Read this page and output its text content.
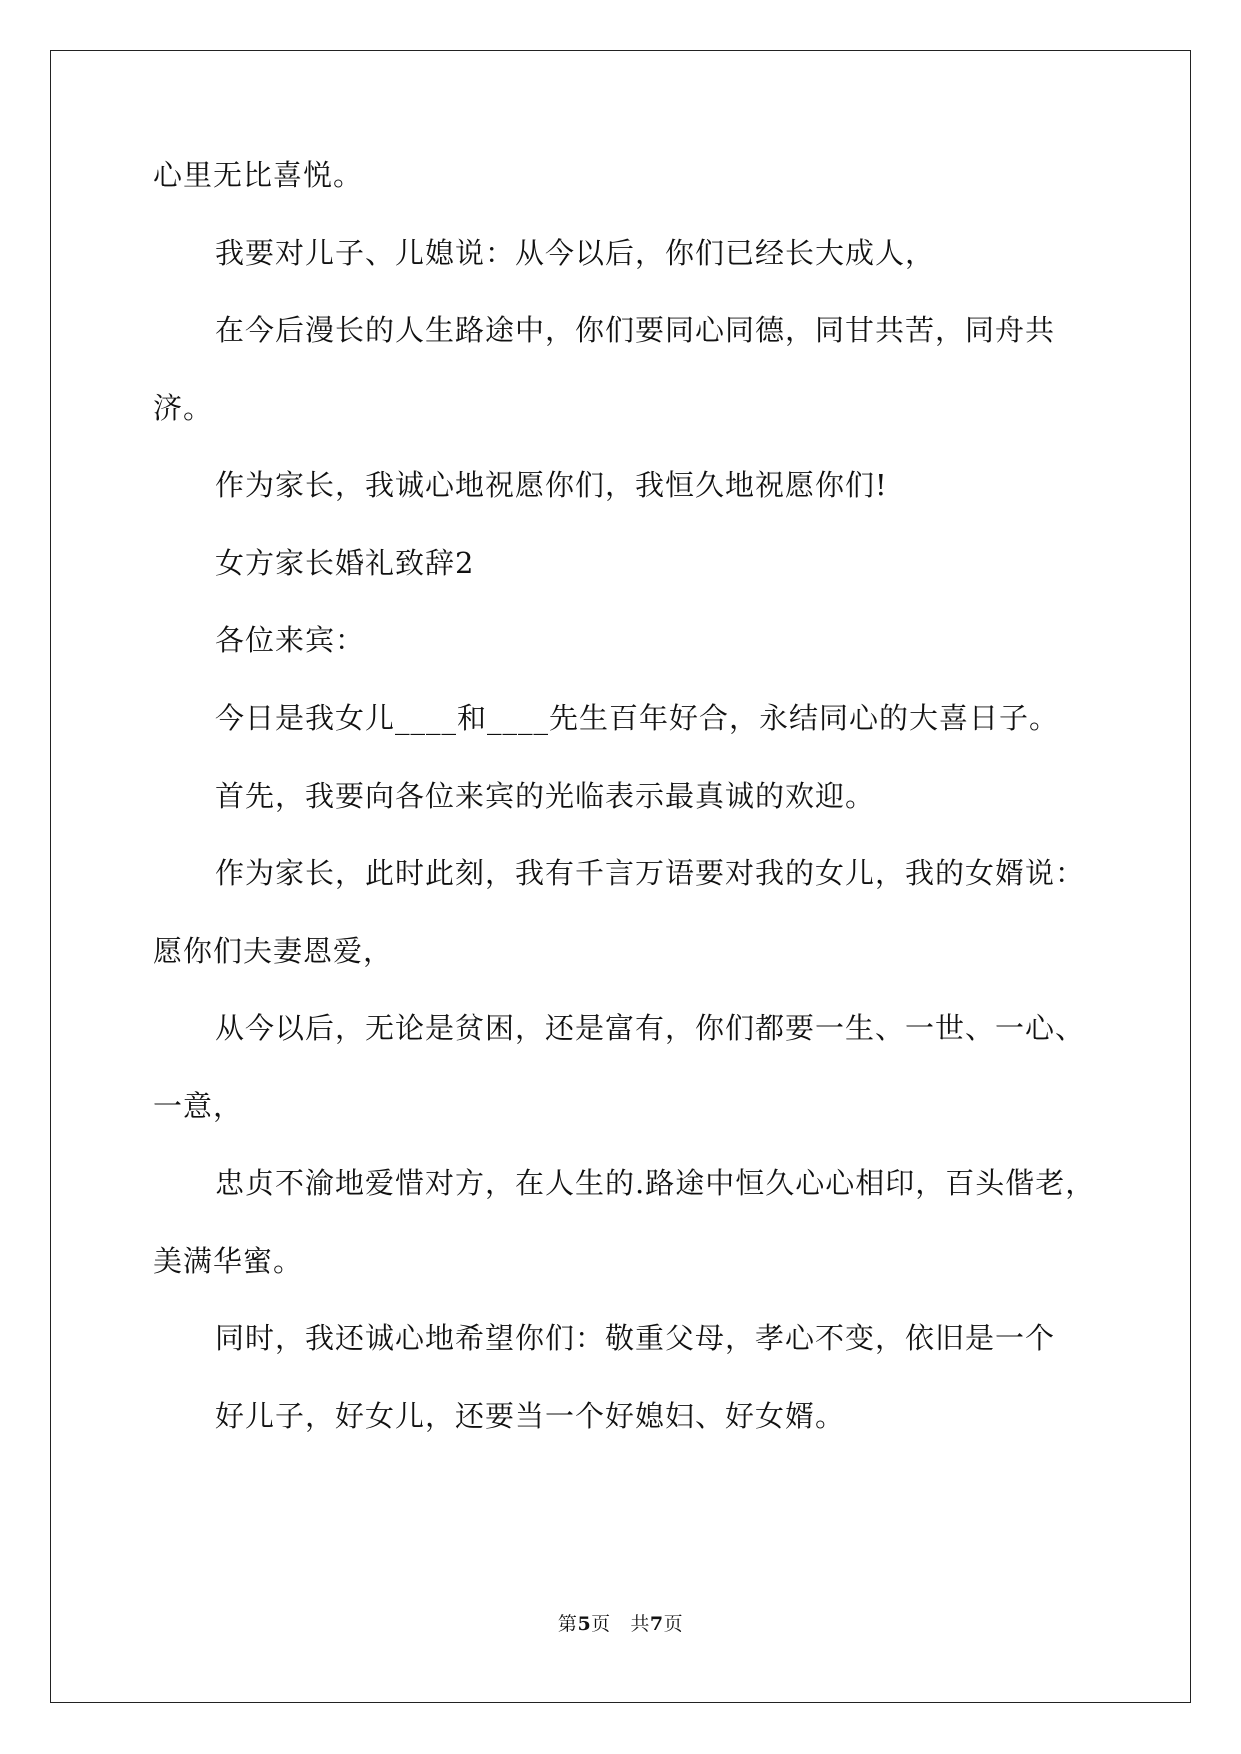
心里无比喜悦。
我要对儿子、儿媳说：从今以后，你们已经长大成人，
在今后漫长的人生路途中，你们要同心同德，同甘共苦，同舟共
济。
作为家长，我诚心地祝愿你们，我恒久地祝愿你们!
女方家长婚礼致辞2
各位来宾：
今日是我女儿____和____先生百年好合，永结同心的大喜日子。
首先，我要向各位来宾的光临表示最真诚的欢迎。
作为家长，此时此刻，我有千言万语要对我的女儿，我的女婿说：
愿你们夫妻恩爱，
从今以后，无论是贫困，还是富有，你们都要一生、一世、一心、
一意，
忠贞不渝地爱惜对方，在人生的.路途中恒久心心相印，百头偕老，
美满华蜜。
同时，我还诚心地希望你们：敬重父母，孝心不变，依旧是一个
好儿子，好女儿，还要当一个好媳妇、好女婿。
第5页 共7页
